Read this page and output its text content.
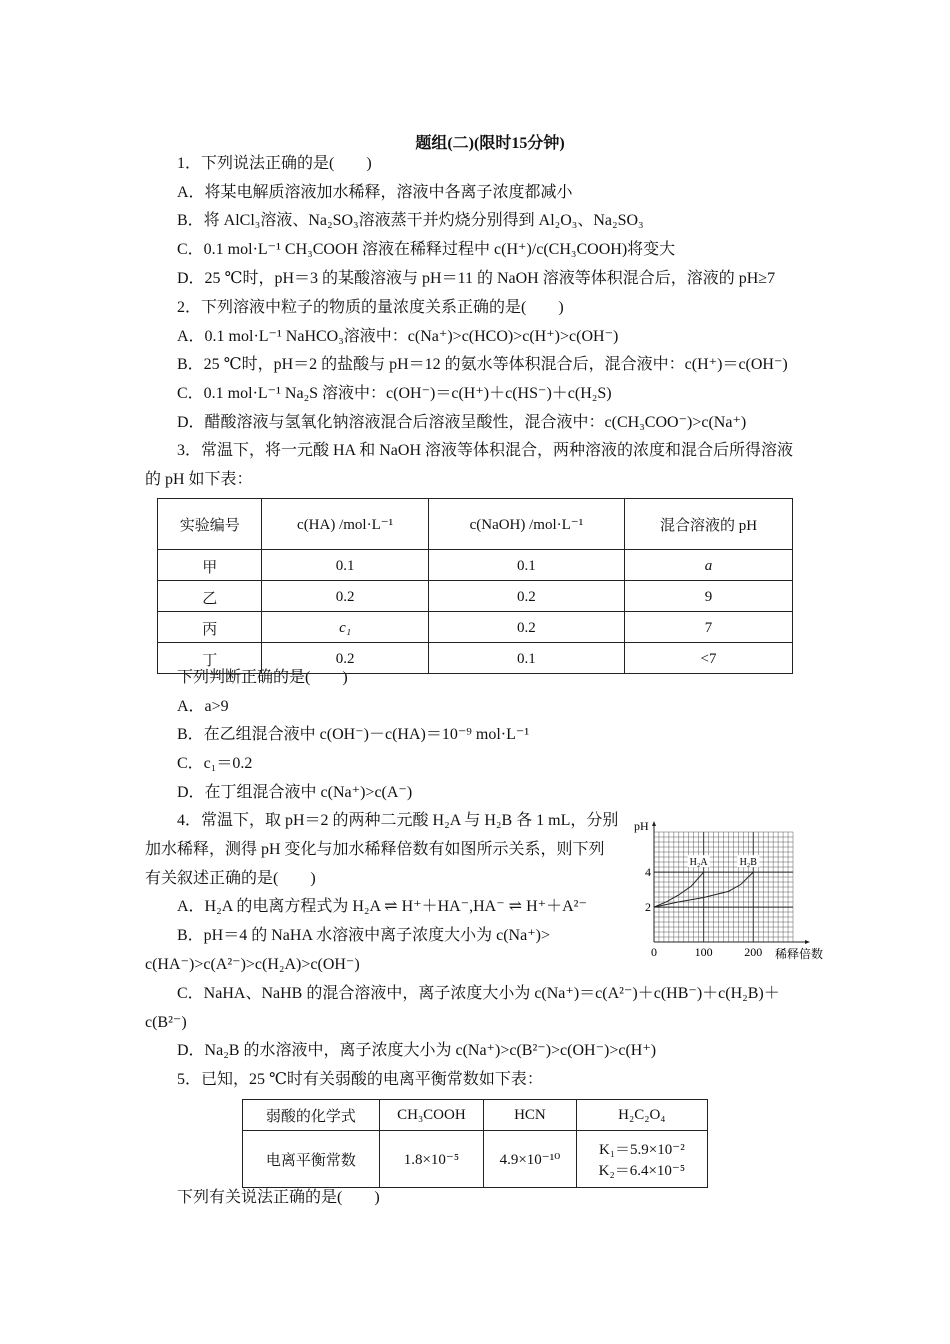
题组(二)(限时15分钟)
1．下列说法正确的是(　　)
A．将某电解质溶液加水稀释，溶液中各离子浓度都减小
B．将 AlCl₃溶液、Na₂SO₃溶液蒸干并灼烧分别得到 Al₂O₃、Na₂SO₃
C．0.1 mol·L⁻¹ CH₃COOH 溶液在稀释过程中 c(H⁺)/c(CH₃COOH)将变大
D．25 ℃时，pH＝3 的某酸溶液与 pH＝11 的 NaOH 溶液等体积混合后，溶液的 pH≥7
2．下列溶液中粒子的物质的量浓度关系正确的是(　　)
A．0.1 mol·L⁻¹ NaHCO₃溶液中：c(Na⁺)>c(HCO)>c(H⁺)>c(OH⁻)
B．25 ℃时，pH＝2 的盐酸与 pH＝12 的氨水等体积混合后，混合液中：c(H⁺)＝c(OH⁻)
C．0.1 mol·L⁻¹ Na₂S 溶液中：c(OH⁻)＝c(H⁺)＋c(HS⁻)＋c(H₂S)
D．醋酸溶液与氢氧化钠溶液混合后溶液呈酸性，混合液中：c(CH₃COO⁻)>c(Na⁺)
3．常温下，将一元酸 HA 和 NaOH 溶液等体积混合，两种溶液的浓度和混合后所得溶液
的 pH 如下表：
下列判断正确的是(　　)
A．a>9
B．在乙组混合液中 c(OH⁻)－c(HA)＝10⁻⁹ mol·L⁻¹
C．c₁＝0.2
D．在丁组混合液中 c(Na⁺)>c(A⁻)
4．常温下，取 pH＝2 的两种二元酸 H₂A 与 H₂B 各 1 mL，分别
加水稀释，测得 pH 变化与加水稀释倍数有如图所示关系，则下列
有关叙述正确的是(　　)
A．H₂A 的电离方程式为 H₂A ⇌ H⁺＋HA⁻,HA⁻ ⇌ H⁺＋A²⁻
B．pH＝4 的 NaHA 水溶液中离子浓度大小为 c(Na⁺)>
c(HA⁻)>c(A²⁻)>c(H₂A)>c(OH⁻)
C．NaHA、NaHB 的混合溶液中，离子浓度大小为 c(Na⁺)＝c(A²⁻)＋c(HB⁻)＋c(H₂B)＋
c(B²⁻)
D．Na₂B 的水溶液中，离子浓度大小为 c(Na⁺)>c(B²⁻)>c(OH⁻)>c(H⁺)
5．已知，25 ℃时有关弱酸的电离平衡常数如下表：
下列有关说法正确的是(　　)
实验编号	c(HA) /mol·L⁻¹	c(NaOH) /mol·L⁻¹	混合溶液的 pH
甲	0.1	0.1	a
乙	0.2	0.2	9
丙	c₁	0.2	7
丁	0.2	0.1	<7
弱酸的化学式	CH₃COOH	HCN	H₂C₂O₄
电离平衡常数	1.8×10⁻⁵	4.9×10⁻¹⁰	K₁＝5.9×10⁻²
K₂＝6.4×10⁻⁵
0	100	200
2
4
pH
稀释倍数
H₂A	H₂B
